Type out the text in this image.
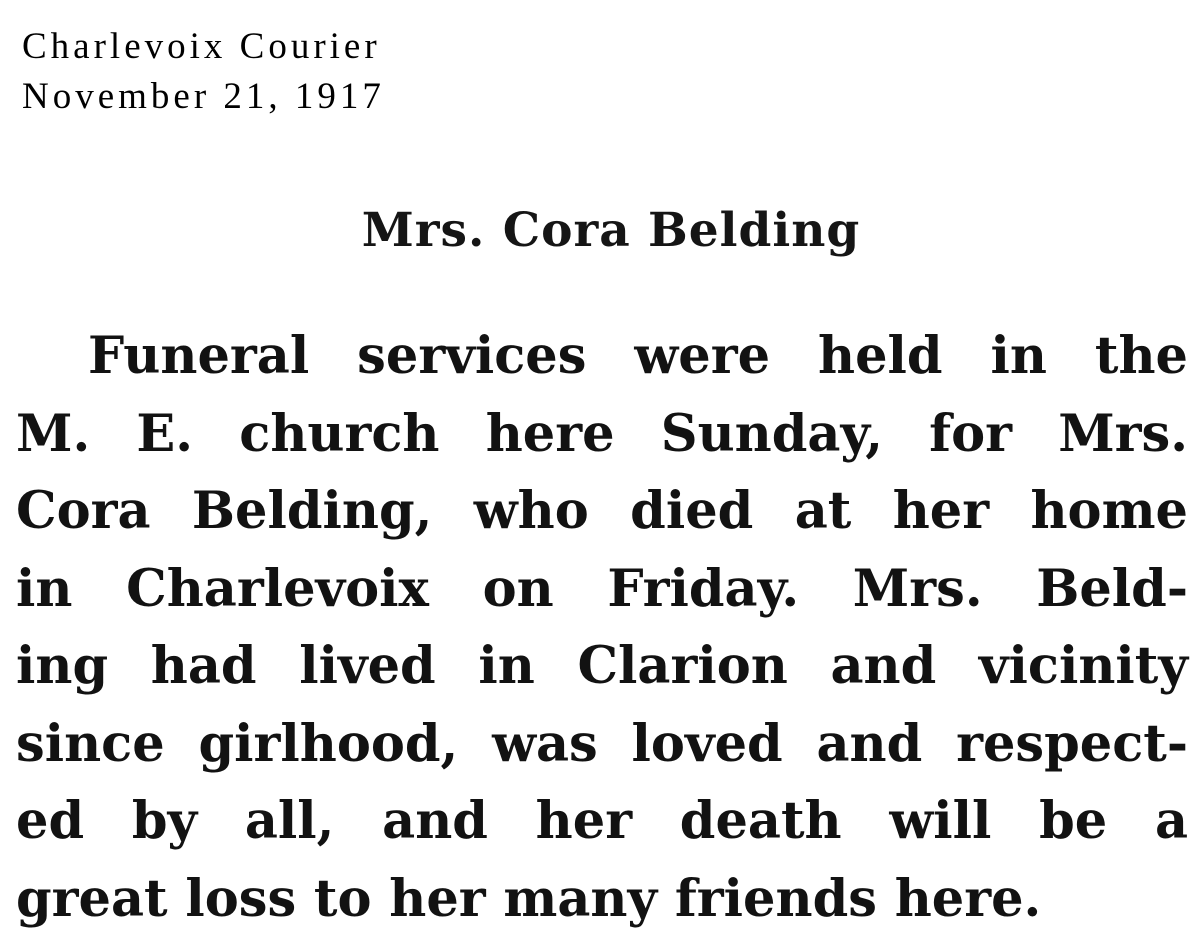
Charlevoix Courier
November 21, 1917
Mrs. Cora Belding
Funeral services were held in the
M. E. church here Sunday, for Mrs.
Cora Belding, who died at her home
in Charlevoix on Friday. Mrs. Beld-
ing had lived in Clarion and vicinity
since girlhood, was loved and respect-
ed by all, and her death will be a
great loss to her many friends here.
